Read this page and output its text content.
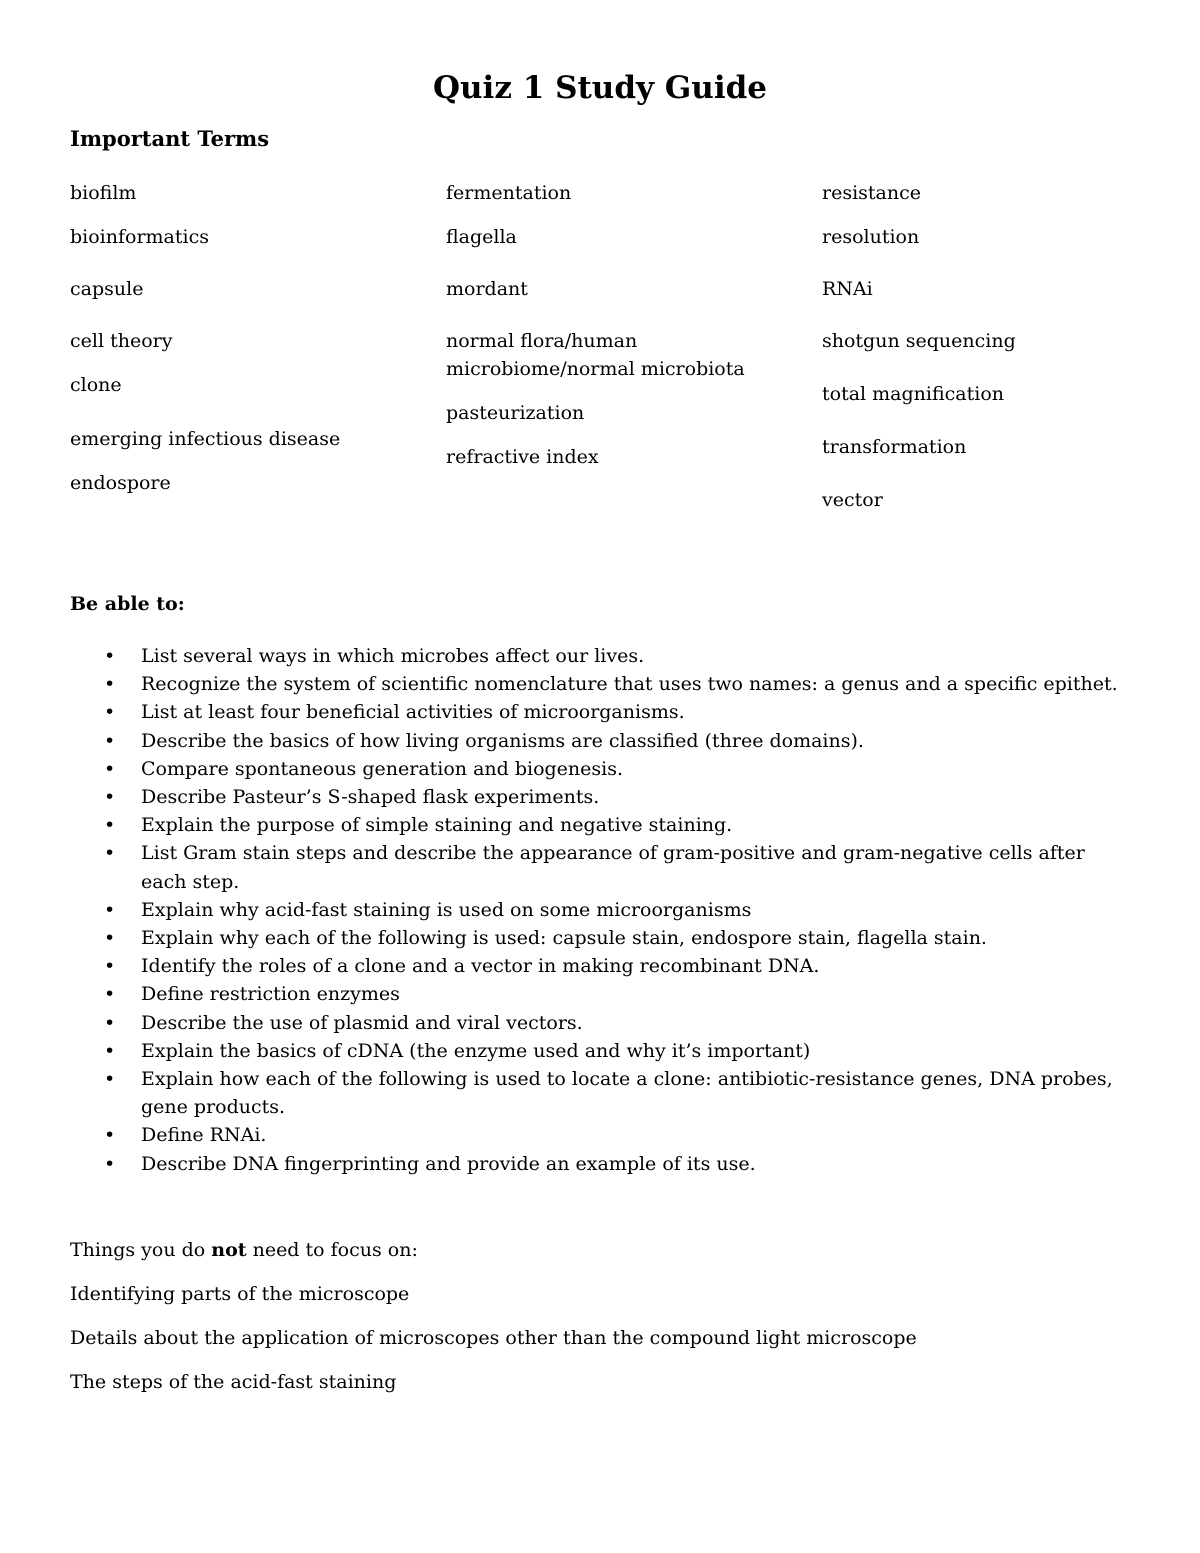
Quiz 1 Study Guide
Important Terms
biofilm
bioinformatics
capsule
cell theory
clone
emerging infectious disease
endospore
fermentation
flagella
mordant
normal flora/human microbiome/normal microbiota
pasteurization
refractive index
resistance
resolution
RNAi
shotgun sequencing
total magnification
transformation
vector
Be able to:
• List several ways in which microbes affect our lives.
• Recognize the system of scientific nomenclature that uses two names: a genus and a specific epithet.
• List at least four beneficial activities of microorganisms.
• Describe the basics of how living organisms are classified (three domains).
• Compare spontaneous generation and biogenesis.
• Describe Pasteur’s S-shaped flask experiments.
• Explain the purpose of simple staining and negative staining.
• List Gram stain steps and describe the appearance of gram-positive and gram-negative cells after each step.
• Explain why acid-fast staining is used on some microorganisms
• Explain why each of the following is used: capsule stain, endospore stain, flagella stain.
• Identify the roles of a clone and a vector in making recombinant DNA.
• Define restriction enzymes
• Describe the use of plasmid and viral vectors.
• Explain the basics of cDNA (the enzyme used and why it’s important)
• Explain how each of the following is used to locate a clone: antibiotic-resistance genes, DNA probes, gene products.
• Define RNAi.
• Describe DNA fingerprinting and provide an example of its use.
Things you do not need to focus on:
Identifying parts of the microscope
Details about the application of microscopes other than the compound light microscope
The steps of the acid-fast staining
